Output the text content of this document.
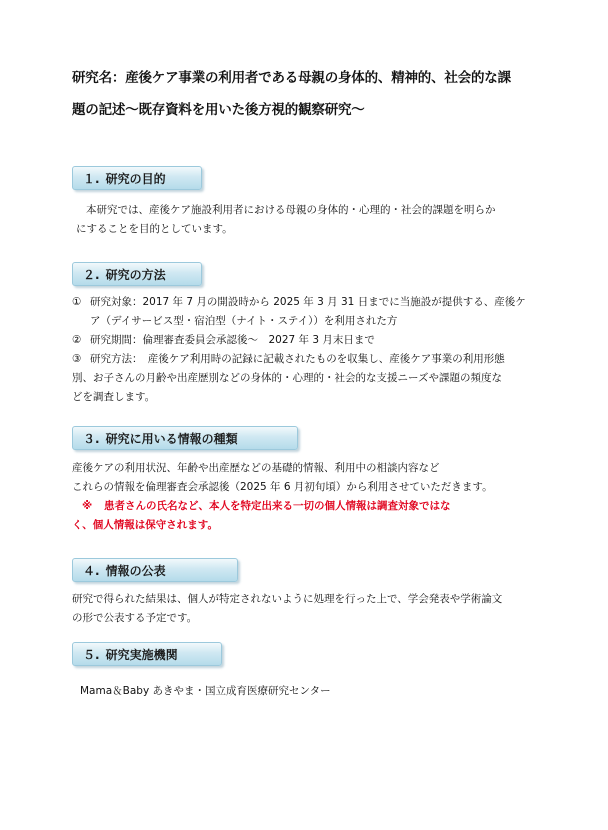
研究名：産後ケア事業の利用者である母親の身体的、精神的、社会的な課
題の記述～既存資料を用いた後方視的観察研究～
１. 研究の目的

本研究では、産後ケア施設利用者における母親の身体的・心理的・社会的課題を明らか

にすることを目的としています。

２. 研究の方法
① 研究対象：2017 年 7 月の開設時から 2025 年 3 月 31 日までに当施設が提供する、産後ケ

ア（デイサービス型・宿泊型（ナイト・ステイ））を利用された方

② 研究期間：倫理審査委員会承認後～　2027 年 3 月末日まで

③ 研究方法：　産後ケア利用時の記録に記載されたものを収集し、産後ケア事業の利用形態

別、お子さんの月齢や出産歴別などの身体的・心理的・社会的な支援ニーズや課題の頻度な

どを調査します。

３. 研究に用いる情報の種類

産後ケアの利用状況、年齢や出産歴などの基礎的情報、利用中の相談内容など

これらの情報を倫理審査会承認後（2025 年 6 月初旬頃）から利用させていただきます。

※	患者さんの氏名など、本人を特定出来る一切の個人情報は調査対象ではな

く、個人情報は保守されます。

４. 情報の公表

研究で得られた結果は、個人が特定されないように処理を行った上で、学会発表や学術論文

の形で公表する予定です。

５. 研究実施機関

Mama＆Baby あきやま・国立成育医療研究センター
